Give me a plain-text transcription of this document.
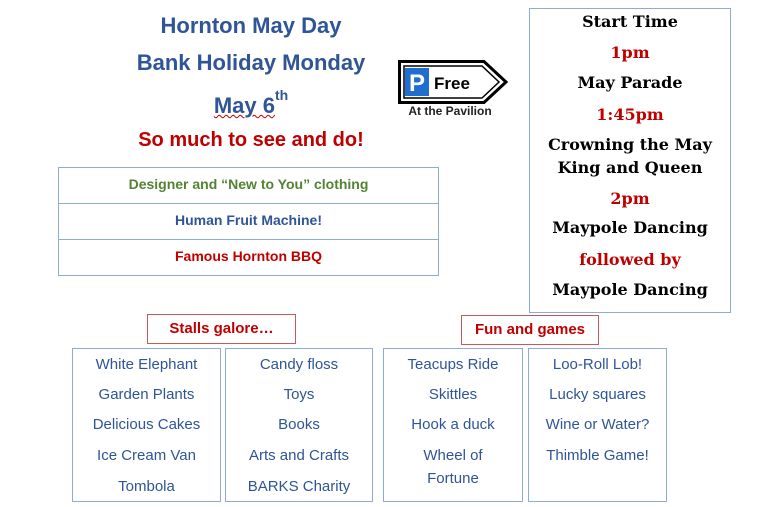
Hornton May Day
Bank Holiday Monday
May 6th
So much to see and do!
Designer and “New to You” clothing
Human Fruit Machine!
Famous Hornton BBQ
P Free
At the Pavilion
Start Time
1pm
May Parade
1:45pm
Crowning the May
King and Queen
2pm
Maypole Dancing
followed by
Maypole Dancing
Stalls galore…	Fun and games
White Elephant
Garden Plants
Delicious Cakes
Ice Cream Van
Tombola
Candy floss
Toys
Books
Arts and Crafts
BARKS Charity
Teacups Ride
Skittles
Hook a duck
Wheel of
Fortune
Loo-Roll Lob!
Lucky squares
Wine or Water?
Thimble Game!
